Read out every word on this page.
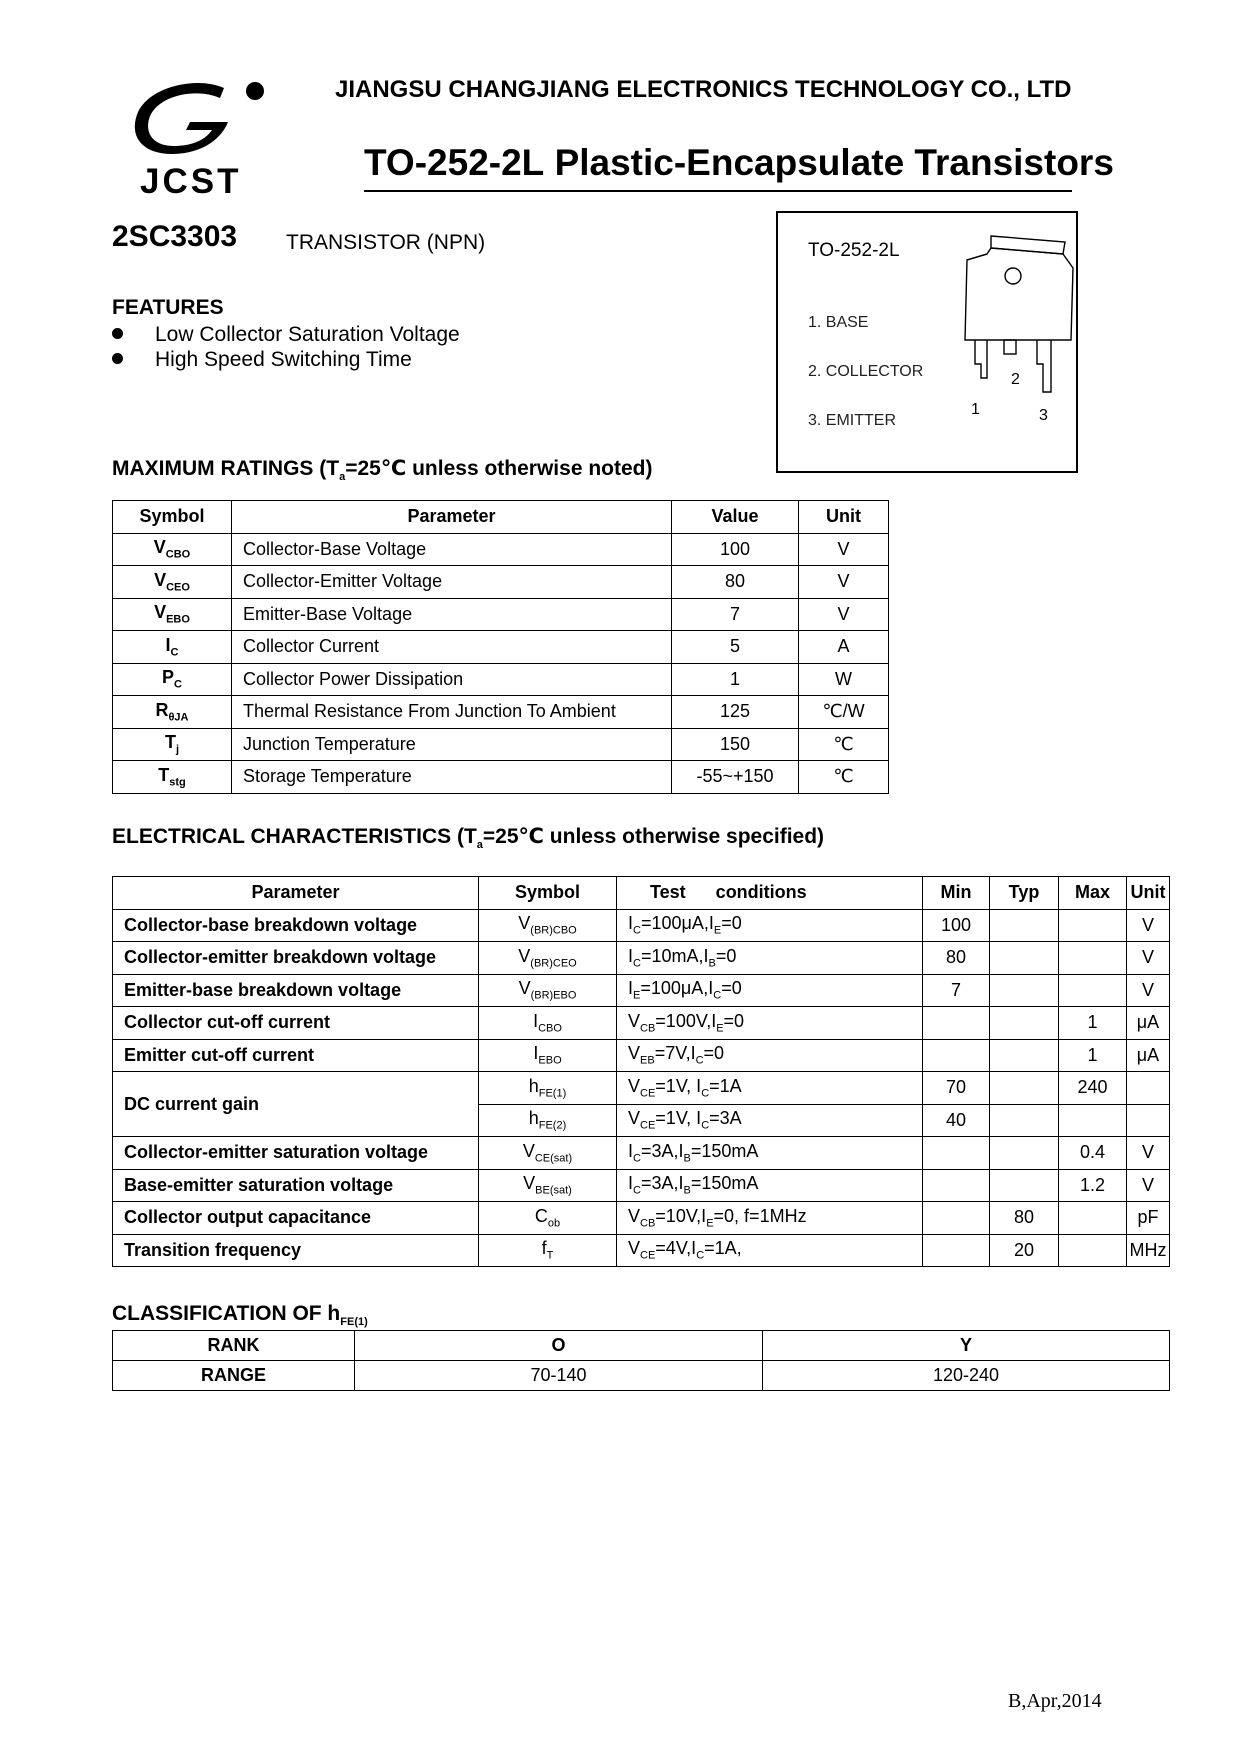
JCST
JIANGSU CHANGJIANG ELECTRONICS TECHNOLOGY CO., LTD
TO-252-2L Plastic-Encapsulate Transistors
2SC3303 TRANSISTOR (NPN)
FEATURES
Low Collector Saturation Voltage
High Speed Switching Time
TO-252-2L
1. BASE
2. COLLECTOR
3. EMITTER
2
1	3
MAXIMUM RATINGS ($T_a=25℃$ unless otherwise noted)
Symbol	Parameter	Value	Unit
$V_{CBO}$	Collector-Base Voltage	100	V
$V_{CEO}$	Collector-Emitter Voltage	80	V
$V_{EBO}$	Emitter-Base Voltage	7	V
$I_C$	Collector Current	5	A
$P_C$	Collector Power Dissipation	1	W
$R_{\theta JA}$	Thermal Resistance From Junction To Ambient	125	℃/W
$T_j$	Junction Temperature	150	℃
$T_{stg}$	Storage Temperature	-55~+150	℃
ELECTRICAL CHARACTERISTICS ($T_a=25℃$ unless otherwise specified)
Parameter	Symbol	Test      conditions	Min	Typ	Max	Unit
Collector-base breakdown voltage	$V_{(BR)CBO}$	$I_C=100\mu A,I_E=0$	100			V
Collector-emitter breakdown voltage	$V_{(BR)CEO}$	$I_C=10mA,I_B=0$	80			V
Emitter-base breakdown voltage	$V_{(BR)EBO}$	$I_E=100\mu A,I_C=0$	7			V
Collector cut-off current	$I_{CBO}$	$V_{CB}=100V,I_E=0$			1	μA
Emitter cut-off current	$I_{EBO}$	$V_{EB}=7V,I_C=0$			1	μA
DC current gain	$h_{FE(1)}$	$V_{CE}=1V$, $I_C=1A$	70		240	
	$h_{FE(2)}$	$V_{CE}=1V$, $I_C=3A$	40			
Collector-emitter saturation voltage	$V_{CE(sat)}$	$I_C=3A,I_B=150mA$			0.4	V
Base-emitter saturation voltage	$V_{BE(sat)}$	$I_C=3A,I_B=150mA$			1.2	V
Collector output capacitance	$C_{ob}$	$V_{CB}=10V,I_E=0$, f=1MHz		80		pF
Transition frequency	$f_T$	$V_{CE}=4V,I_C=1A$,		20		MHz
CLASSIFICATION OF $h_{FE(1)}$
RANK	O	Y
RANGE	70-140	120-240
B,Apr,2014
